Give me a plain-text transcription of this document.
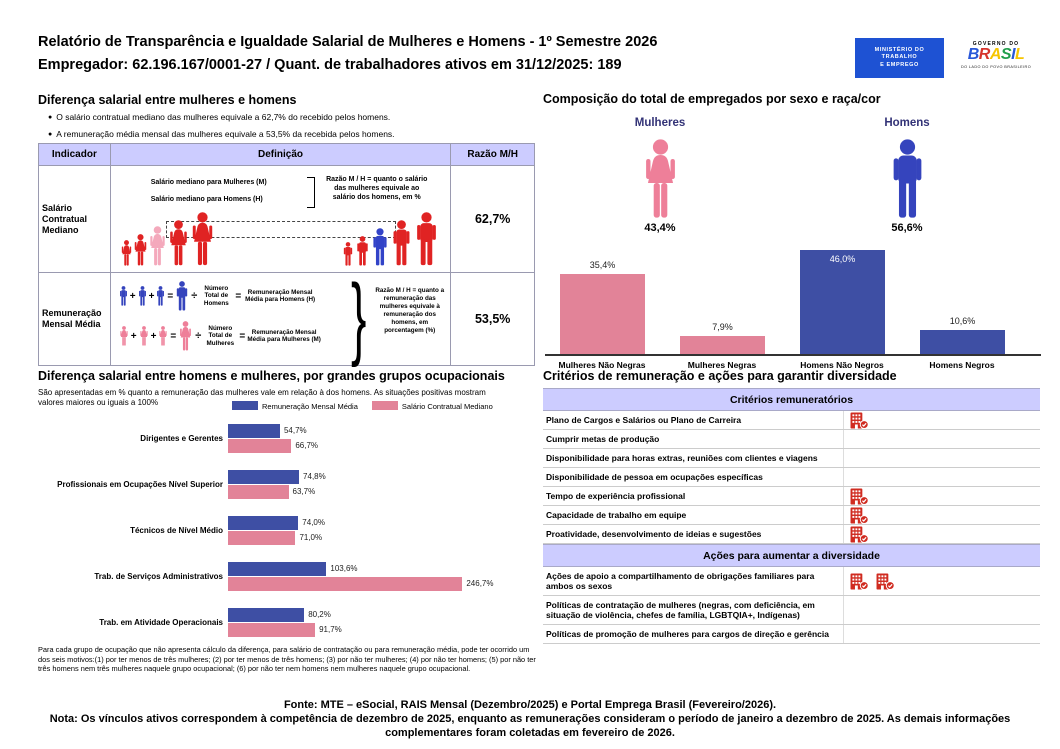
Relatório de Transparência e Igualdade Salarial de Mulheres e Homens - 1º Semestre 2026
Empregador: 62.196.167/0001-27 / Quant. de trabalhadores ativos em 31/12/2025: 189
MINISTÉRIO DO
TRABALHO
E EMPREGO
GOVERNO DO
BRASIL
DO LADO DO POVO BRASILEIRO
Diferença salarial entre mulheres e homens
● O salário contratual mediano das mulheres equivale a 62,7% do recebido pelos homens.
● A remuneração média mensal das mulheres equivale a 53,5% da recebida pelos homens.
Indicador	Definição	Razão M/H
Salário Contratual Mediano
Salário mediano para Mulheres (M)
Salário mediano para Homens (H)
Razão M / H = quanto o salário das mulheres equivale ao salário dos homens, em %
62,7%
Remuneração Mensal Média
+ + = ÷
Número Total de Homens
=	Remuneração Mensal Média para Homens (H)
+ + = ÷
Número Total de Mulheres
=	Remuneração Mensal Média para Mulheres (M) }	Razão M / H = quanto a remuneração das mulheres equivale à remuneração dos homens, em porcentagem (%)
53,5%
Composição do total de empregados por sexo e raça/cor
Mulheres	Homens
43,4%	56,6%
35,4%
7,9%
46,0%
10,6%
Mulheres Não Negras	Mulheres Negras	Homens Não Negros	Homens Negros
Diferença salarial entre homens e mulheres, por grandes grupos ocupacionais
São apresentadas em % quanto a remuneração das mulheres vale em relação à dos homens. As situações positivas mostram valores maiores ou iguais a 100%	Remuneração Mensal Média	Salário Contratual Mediano
Dirigentes e Gerentes
54,7%
66,7%
Profissionais em Ocupações Nível Superior
74,8%
63,7%
Técnicos de Nível Médio
74,0%
71,0%
Trab. de Serviços Administrativos
103,6%
246,7%
Trab. em Atividade Operacionais
80,2%
91,7%
Para cada grupo de ocupação que não apresenta cálculo da diferença, para salário de contratação ou para remuneração média, pode ter ocorrido um dos seis motivos:(1) por ter menos de três mulheres; (2) por ter menos de três homens; (3) por não ter mulheres; (4) por não ter homens; (5) por não ter três homens nem três mulheres naquele grupo ocupacional; (6) por não ter nem homens nem mulheres naquele grupo ocupacional.
Critérios de remuneração e ações para garantir diversidade
Critérios remuneratórios
Plano de Cargos e Salários ou Plano de Carreira
Cumprir metas de produção
Disponibilidade para horas extras, reuniões com clientes e viagens
Disponibilidade de pessoa em ocupações específicas
Tempo de experiência profissional
Capacidade de trabalho em equipe
Proatividade, desenvolvimento de ideias e sugestões
Ações para aumentar a diversidade
Ações de apoio a compartilhamento de obrigações familiares para ambos os sexos
Políticas de contratação de mulheres (negras, com deficiência, em situação de violência, chefes de família, LGBTQIA+, Indígenas)
Políticas de promoção de mulheres para cargos de direção e gerência
Fonte: MTE – eSocial, RAIS Mensal (Dezembro/2025) e Portal Emprega Brasil (Fevereiro/2026).
Nota: Os vínculos ativos correspondem à competência de dezembro de 2025, enquanto as remunerações consideram o período de janeiro a dezembro de 2025. As demais informações complementares foram coletadas em fevereiro de 2026.
